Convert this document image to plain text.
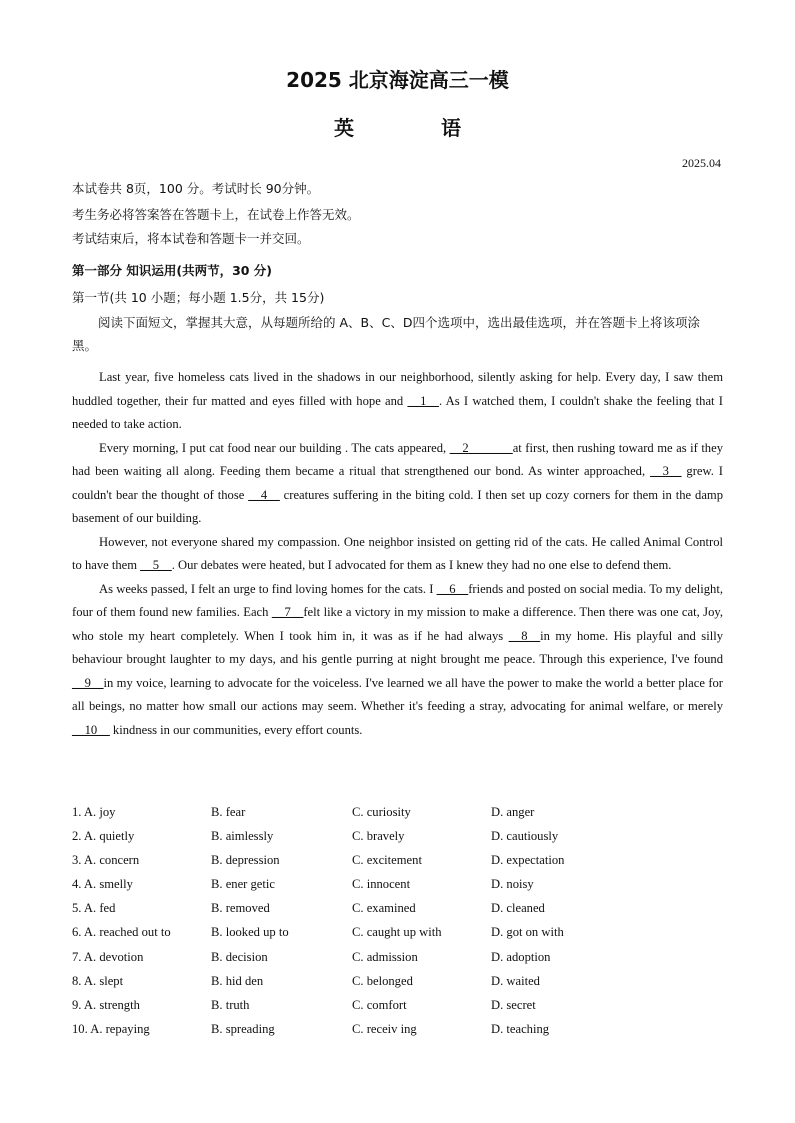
2025 北京海淀高三一模
英 语
2025.04
本试卷共 8页，100 分。考试时长 90分钟。
考生务必将答案答在答题卡上，在试卷上作答无效。
考试结束后，将本试卷和答题卡一并交回。
第一部分 知识运用(共两节，30 分)
第一节(共 10 小题；每小题 1.5分，共 15分)
阅读下面短文，掌握其大意，从每题所给的 A、B、C、D四个选项中，选出最佳选项，并在答题卡上将该项涂黑。

Last year, five homeless cats lived in the shadows in our neighborhood, silently asking for help. Every day, I saw them huddled together, their fur matted and eyes filled with hope and __1__. As I watched them, I couldn't shake the feeling that I needed to take action.

Every morning, I put cat food near our building . The cats appeared, __2_______at first, then rushing toward me as if they had been waiting all along. Feeding them became a ritual that strengthened our bond. As winter approached, __3__ grew. I couldn't bear the thought of those __4__ creatures suffering in the biting cold. I then set up cozy corners for them in the damp basement of our building.

However, not everyone shared my compassion. One neighbor insisted on getting rid of the cats. He called Animal Control to have them __5__. Our debates were heated, but I advocated for them as I knew they had no one else to defend them.

As weeks passed, I felt an urge to find loving homes for the cats. I __6__friends and posted on social media. To my delight, four of them found new families. Each __7__felt like a victory in my mission to make a difference. Then there was one cat, Joy, who stole my heart completely. When I took him in, it was as if he had always __8__in my home. His playful and silly behaviour brought laughter to my days, and his gentle purring at night brought me peace. Through this experience, I've found __9__in my voice, learning to advocate for the voiceless. I've learned we all have the power to make the world a better place for all beings, no matter how small our actions may seem. Whether it's feeding a stray, advocating for animal welfare, or merely __10__ kindness in our communities, every effort counts.

1. A. joy	B. fear	C. curiosity	D. anger
2. A. quietly	B. aimlessly	C. bravely	D. cautiously
3. A. concern	B. depression	C. excitement	D. expectation
4. A. smelly	B. ener getic	C. innocent	D. noisy
5. A. fed	B. removed	C. examined	D. cleaned
6. A. reached out to	B. looked up to	C. caught up with	D. got on with
7. A. devotion	B. decision	C. admission	D. adoption
8. A. slept	B. hid den	C. belonged	D. waited
9. A. strength	B. truth	C. comfort	D. secret
10. A. repaying	B. spreading	C. receiv ing	D. teaching
